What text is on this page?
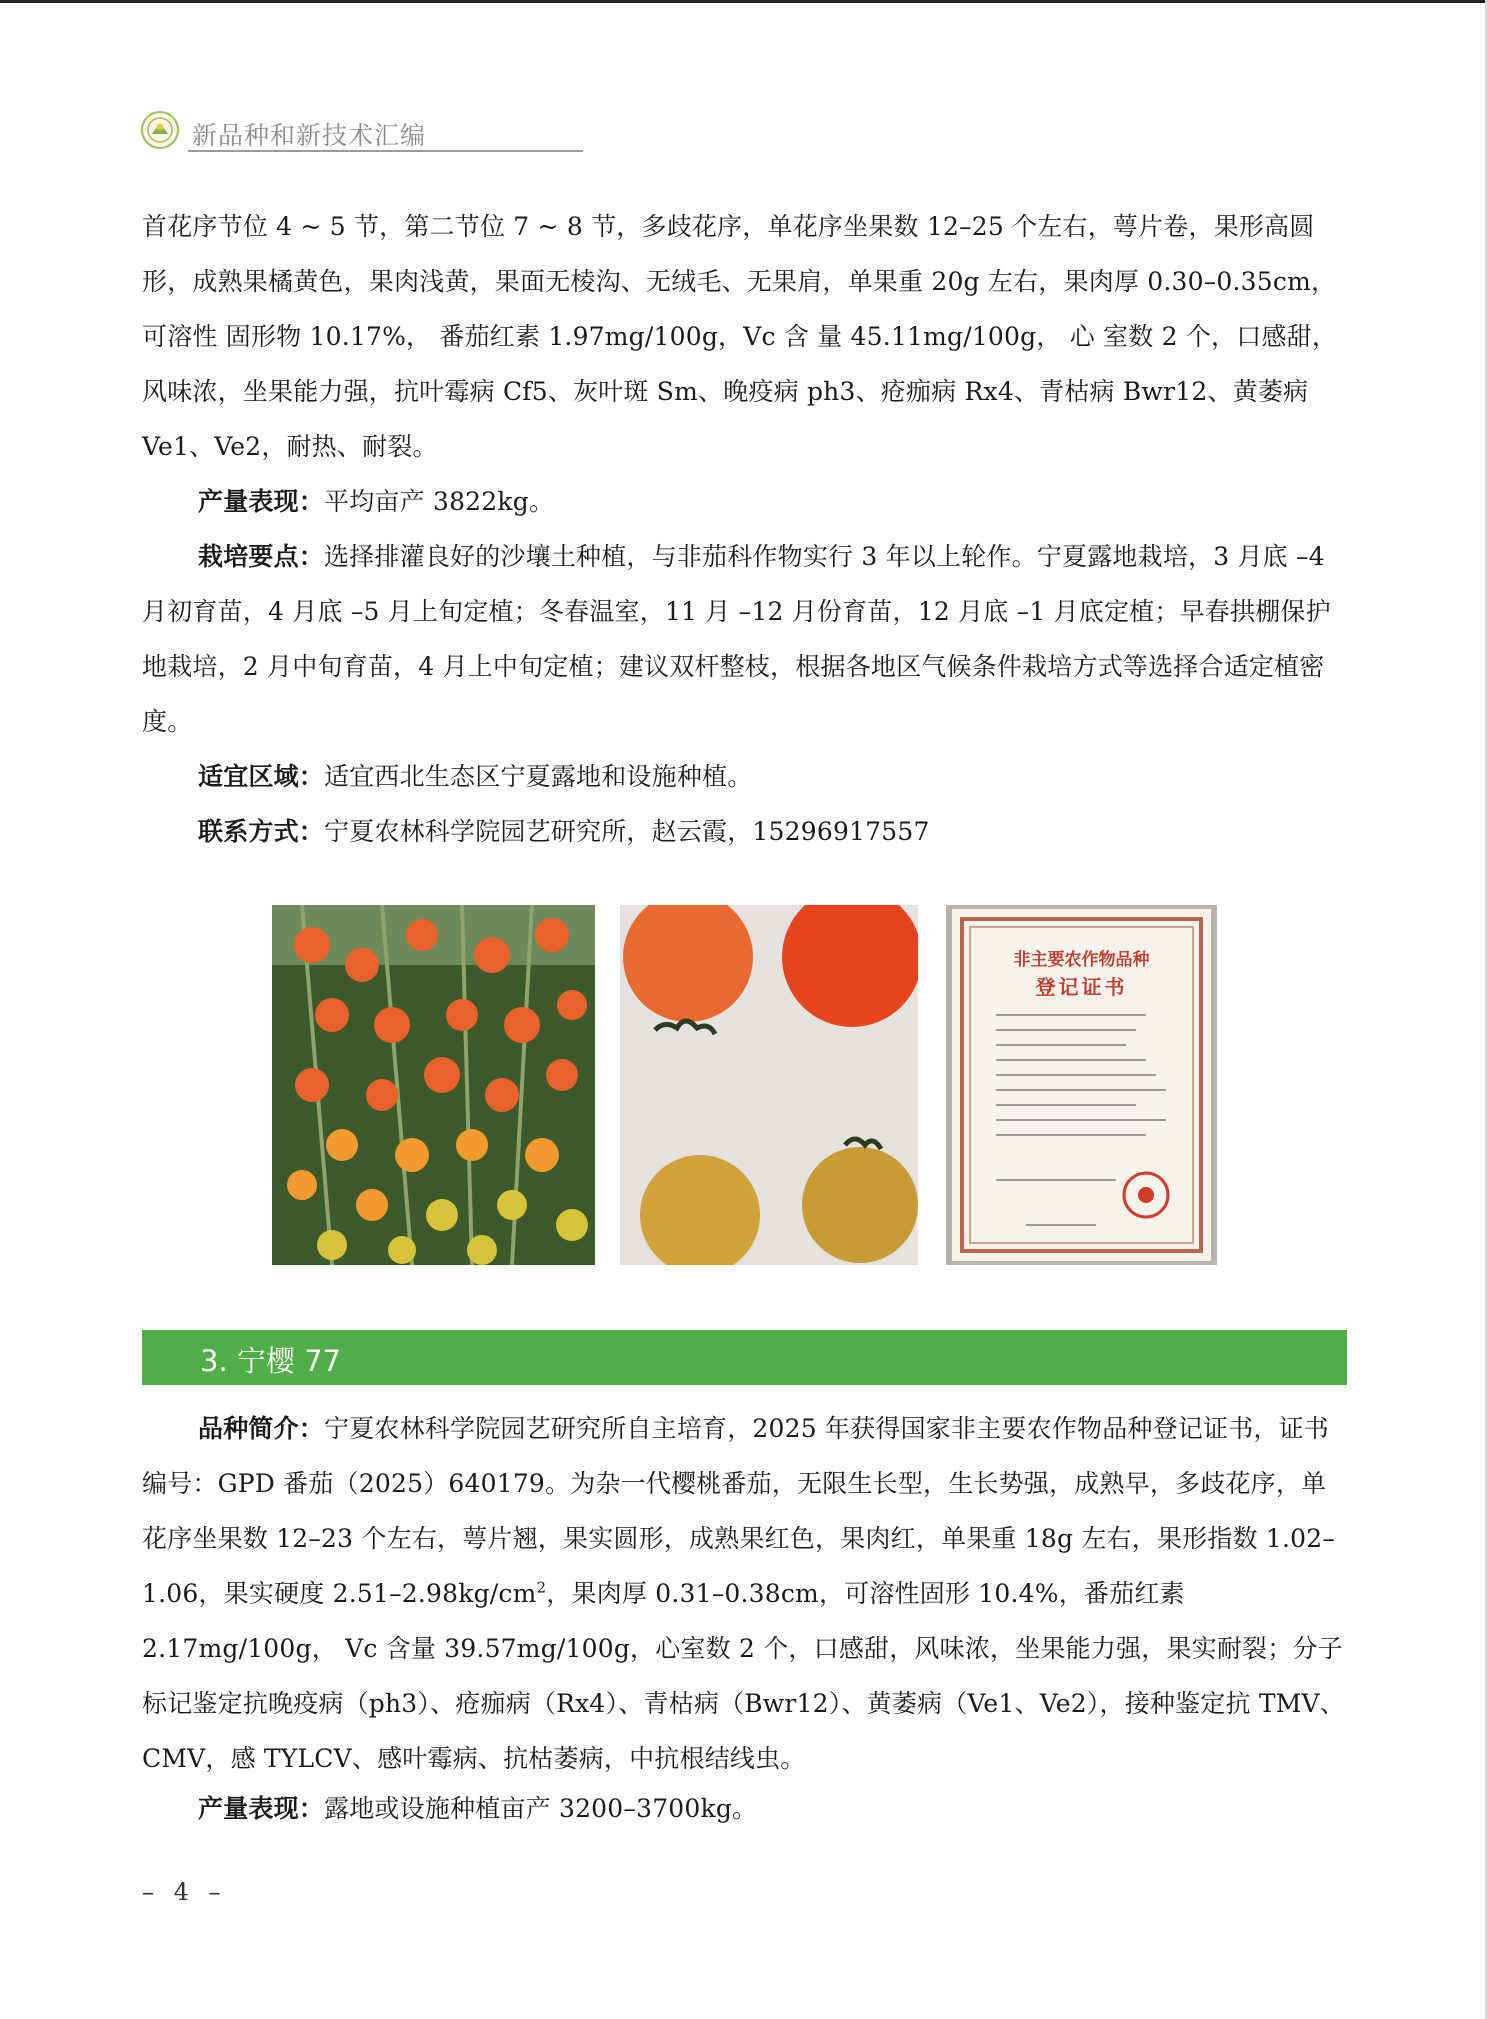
新品种和新技术汇编

首花序节位 4 ~ 5 节，第二节位 7 ~ 8 节，多歧花序，单花序坐果数 12–25 个左右，萼片卷，果形高圆形，成熟果橘黄色，果肉浅黄，果面无棱沟、无绒毛、无果肩，单果重 20g 左右，果肉厚 0.30–0.35cm， 可溶性 固形物 10.17%， 番茄红素 1.97mg/100g，Vc 含 量 45.11mg/100g， 心 室数 2 个，口感甜，风味浓，坐果能力强，抗叶霉病 Cf5、灰叶斑 Sm、晚疫病 ph3、疮痂病 Rx4、青枯病 Bwr12、黄萎病 Ve1、Ve2，耐热、耐裂。

产量表现：平均亩产 3822kg。

栽培要点：选择排灌良好的沙壤土种植，与非茄科作物实行 3 年以上轮作。宁夏露地栽培，3 月底 –4 月初育苗，4 月底 –5 月上旬定植；冬春温室，11 月 –12 月份育苗，12 月底 –1 月底定植；早春拱棚保护地栽培，2 月中旬育苗，4 月上中旬定植；建议双杆整枝，根据各地区气候条件栽培方式等选择合适定植密度。

适宜区域：适宜西北生态区宁夏露地和设施种植。

联系方式：宁夏农林科学院园艺研究所，赵云霞，15296917557

非主要农作物品种
登记证书
3. 宁樱 77

品种简介：宁夏农林科学院园艺研究所自主培育，2025 年获得国家非主要农作物品种登记证书，证书编号：GPD 番茄（2025）640179。为杂一代樱桃番茄，无限生长型，生长势强，成熟早，多歧花序，单花序坐果数 12–23 个左右，萼片翘，果实圆形，成熟果红色，果肉红，单果重 18g 左右，果形指数 1.02–1.06，果实硬度 $2.51-2.98kg/cm^2$，果肉厚 0.31–0.38cm，可溶性固形 10.4%，番茄红素 2.17mg/100g， Vc 含量 39.57mg/100g，心室数 2 个，口感甜，风味浓，坐果能力强，果实耐裂；分子标记鉴定抗晚疫病（ph3）、疮痂病（Rx4）、青枯病（Bwr12）、黄萎病（Ve1、Ve2），接种鉴定抗 TMV、CMV，感 TYLCV、感叶霉病、抗枯萎病，中抗根结线虫。

产量表现：露地或设施种植亩产 3200–3700kg。

– 4 –
